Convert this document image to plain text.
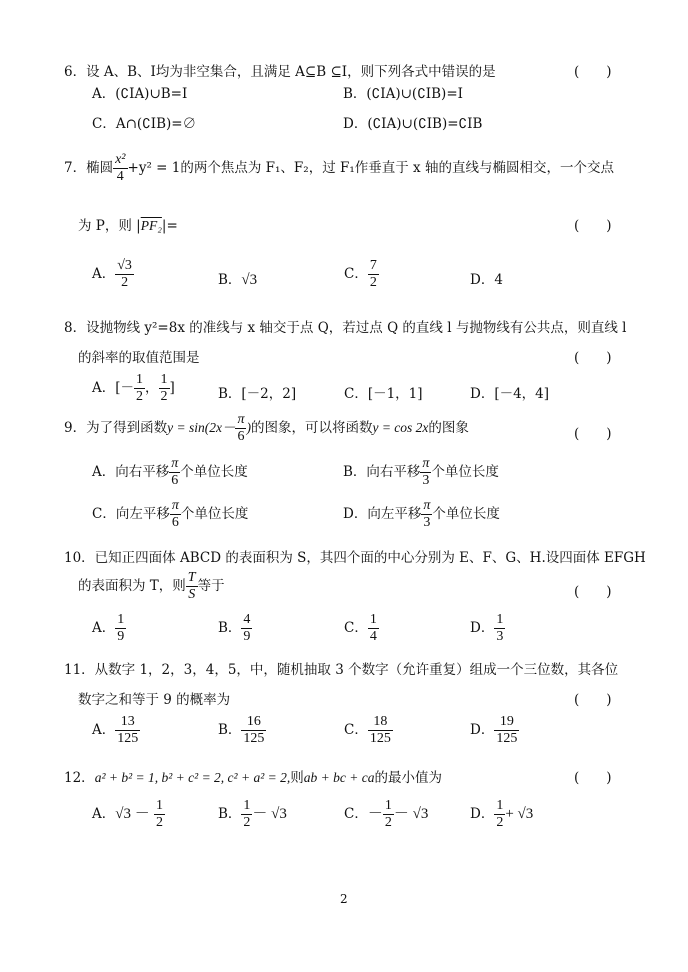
6．设 A、B、I均为非空集合，且满足 A⊆B ⊆I，则下列各式中错误的是	(　　)
A．(∁IA)∪B=I	B．(∁IA)∪(∁IB)=I
C．A∩(∁IB)=∅	D．(∁IA)∪(∁IB)=∁IB
7．椭圆 $\frac{\text{x²}}{4} +y^2 = 1$的两个焦点为 F₁、F₂，过 F₁作垂直于 x 轴的直线与椭圆相交，一个交点
为 P，则 |PF₂|=	(　　)
A． $\frac{√3}{2}$	B．√3	C． $\frac{7}{2}$	D．4
8．设抛物线 y²=8x 的准线与 x 轴交于点 Q，若过点 Q 的直线 l 与抛物线有公共点，则直线 l
的斜率的取值范围是	(　　)
A．[－ $\frac{1}{2}$ ， $\frac{1}{2}$ ]	B．[－2，2]	C．[－1，1]	D．[－4，4]
9．为了得到函数$y = \sin(2x- \frac{\pi}{6}$ )的图象，可以将函数y = cos 2x的图象	(　　)
A．向右平移 $\frac{\pi}{6}$ 个单位长度	B．向右平移 $\frac{\pi}{3}$ 个单位长度
C．向左平移 $\frac{\pi}{6}$ 个单位长度	D．向左平移 $\frac{\pi}{3}$ 个单位长度
10．已知正四面体 ABCD 的表面积为 S，其四个面的中心分别为 E、F、G、H.设四面体 EFGH
的表面积为 T，则 $\frac{T}{S}$ 等于	(　　)
A． $\frac{1}{9}$	B． $\frac{4}{9}$	C． $\frac{1}{4}$	D． $\frac{1}{3}$
11．从数字 1，2，3，4，5，中，随机抽取 3 个数字（允许重复）组成一个三位数，其各位
数字之和等于 9 的概率为	(　　)
A． $\frac{13}{125}$	B． $\frac{16}{125}$	C． $\frac{18}{125}$	D． $\frac{19}{125}$
12．a² + b² = 1, b² + c² = 2, c² + a² = 2,则ab + bc + ca的最小值为	(　　)
A．$√3 - \frac{1}{2}$	B． $\frac{1}{2} - √3$	C．－ $\frac{1}{2} - √3$	D． $\frac{1}{2} + √3$
2
